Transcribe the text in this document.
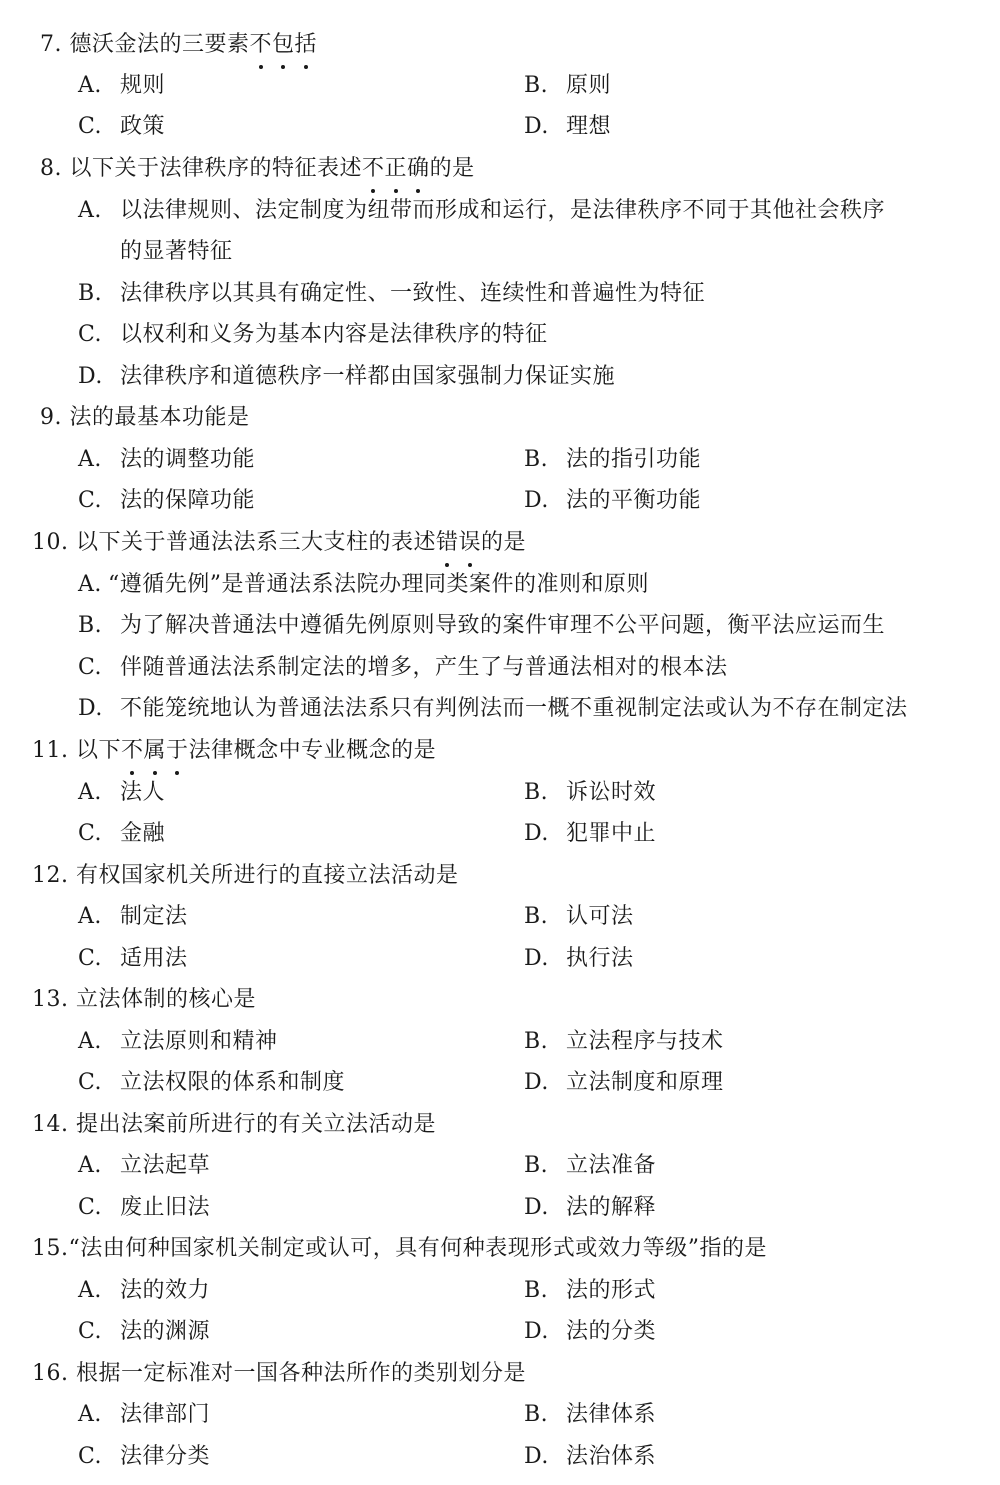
7. 德沃金法的三要素不包括
A. 规则	B. 原则
C. 政策	D. 理想
8. 以下关于法律秩序的特征表述不正确的是
A. 以法律规则、法定制度为纽带而形成和运行，是法律秩序不同于其他社会秩序
的显著特征
B. 法律秩序以其具有确定性、一致性、连续性和普遍性为特征
C. 以权利和义务为基本内容是法律秩序的特征
D. 法律秩序和道德秩序一样都由国家强制力保证实施
9. 法的最基本功能是
A. 法的调整功能	B. 法的指引功能
C. 法的保障功能	D. 法的平衡功能
10. 以下关于普通法法系三大支柱的表述错误的是
A. “遵循先例”是普通法系法院办理同类案件的准则和原则
B. 为了解决普通法中遵循先例原则导致的案件审理不公平问题，衡平法应运而生
C. 伴随普通法法系制定法的增多，产生了与普通法相对的根本法
D. 不能笼统地认为普通法法系只有判例法而一概不重视制定法或认为不存在制定法
11. 以下不属于法律概念中专业概念的是
A. 法人	B. 诉讼时效
C. 金融	D. 犯罪中止
12. 有权国家机关所进行的直接立法活动是
A. 制定法	B. 认可法
C. 适用法	D. 执行法
13. 立法体制的核心是
A. 立法原则和精神	B. 立法程序与技术
C. 立法权限的体系和制度	D. 立法制度和原理
14. 提出法案前所进行的有关立法活动是
A. 立法起草	B. 立法准备
C. 废止旧法	D. 法的解释
15.“法由何种国家机关制定或认可，具有何种表现形式或效力等级”指的是
A. 法的效力	B. 法的形式
C. 法的渊源	D. 法的分类
16. 根据一定标准对一国各种法所作的类别划分是
A. 法律部门	B. 法律体系
C. 法律分类	D. 法治体系
